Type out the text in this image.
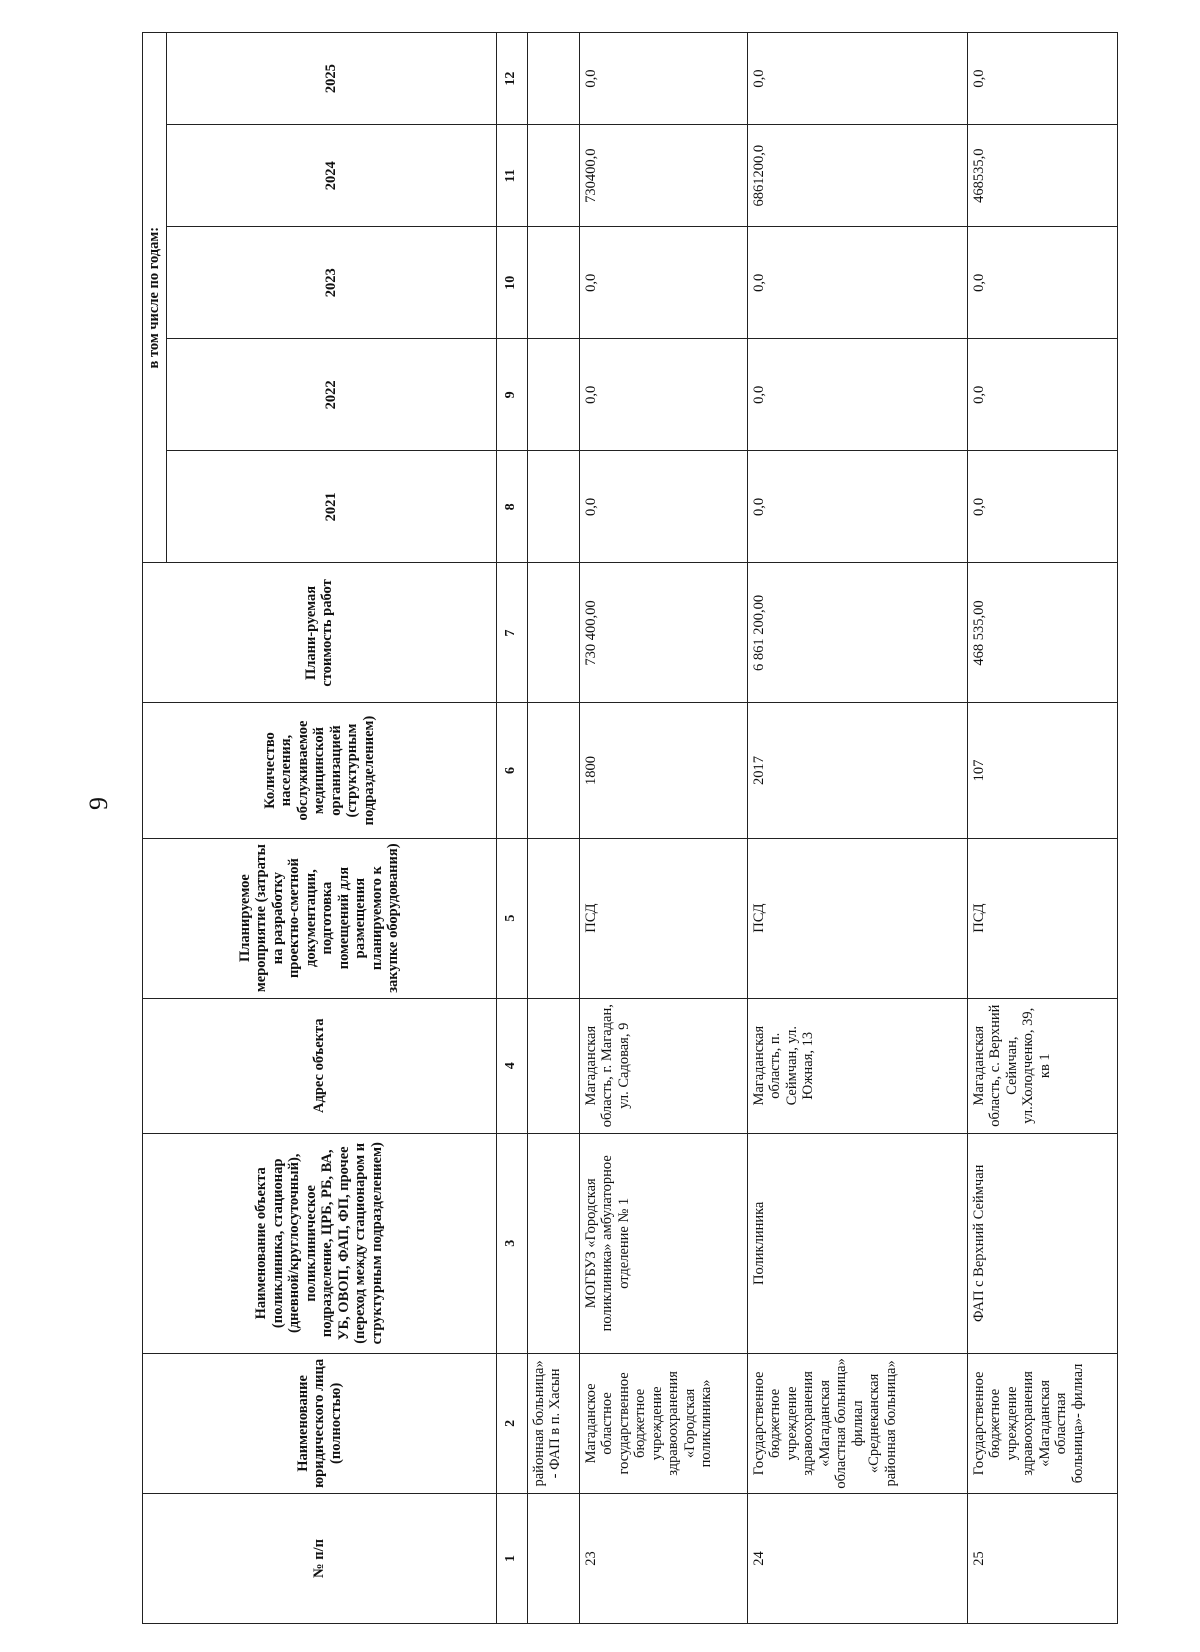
9
№ п/п	Наименование юридического лица (полностью)	Наименование объекта (поликлиника, стационар (дневной/круглосуточный), поликлиническое подразделение, ЦРБ, РБ, ВА, УБ, ОВОП, ФАП, ФП, прочее (переход между стационаром и структурным подразделением)	Адрес объекта	Планируемое мероприятие (затраты на разработку проектно-сметной документации, подготовка помещений для размещения планируемого к закупке оборудования)	Количество населения, обслуживаемое медицинской организацией (структурным подразделением)	Плани-руемая стоимость работ	в том числе по годам:				
							2021	2022	2023	2024	2025
1	2	3	4	5	6	7	8	9	10	11	12
	районная больница» - ФАП в п. Хасын										
23	Магаданское областное государственное бюджетное учреждение здравоохранения «Городская поликлиника»	МОГБУЗ «Городская поликлиника» амбулаторное отделение № 1	Магаданская область, г. Магадан, ул. Садовая, 9	ПСД	1800	730 400,00	0,0	0,0	0,0	730400,0	0,0
24	Государственное бюджетное учреждение здравоохранения «Магаданская областная больница» филиал «Среднеканская районная больница»	Поликлиника	Магаданская область, п. Сеймчан, ул. Южная, 13	ПСД	2017	6 861 200,00	0,0	0,0	0,0	6861200,0	0,0
25	Государственное бюджетное учреждение здравоохранения «Магаданская областная больница»- филиал	ФАП с Верхний Сеймчан	Магаданская область, с. Верхний Сеймчан, ул.Холодченко, 39, кв 1	ПСД	107	468 535,00	0,0	0,0	0,0	468535,0	0,0
